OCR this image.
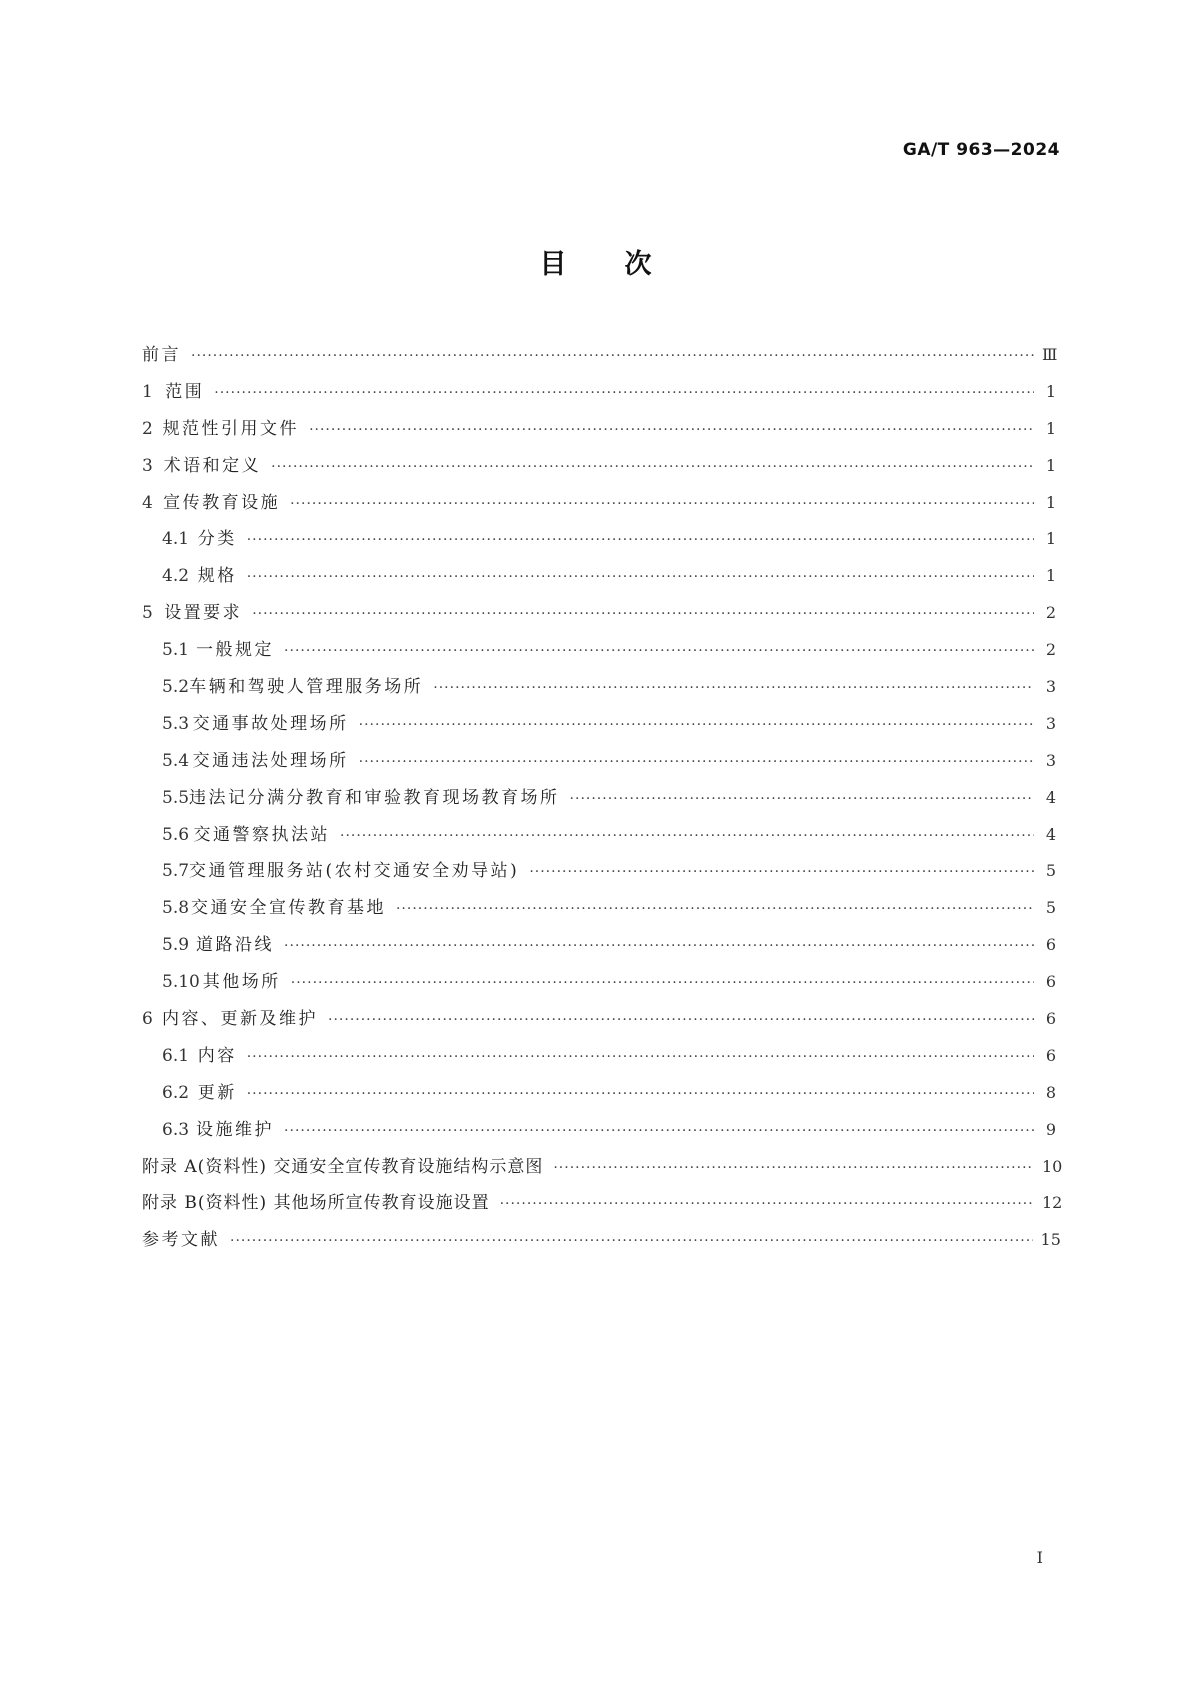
GA/T 963—2024
目次
前言 ·····	Ⅲ
1 范围 ·····	1
2 规范性引用文件 ·····	1
3 术语和定义 ·····	1
4 宣传教育设施 ·····	1
4.1 分类 ·····	1
4.2 规格 ·····	1
5 设置要求 ·····	2
5.1 一般规定 ·····	2
5.2 车辆和驾驶人管理服务场所 ·····	3
5.3 交通事故处理场所 ·····	3
5.4 交通违法处理场所 ·····	3
5.5 违法记分满分教育和审验教育现场教育场所 ·····	4
5.6 交通警察执法站 ·····	4
5.7 交通管理服务站(农村交通安全劝导站) ·····	5
5.8 交通安全宣传教育基地 ·····	5
5.9 道路沿线 ·····	6
5.10 其他场所 ·····	6
6 内容、更新及维护 ·····	6
6.1 内容 ·····	6
6.2 更新 ·····	8
6.3 设施维护 ·····	9
附录 A(资料性) 交通安全宣传教育设施结构示意图 ·····	10
附录 B(资料性) 其他场所宣传教育设施设置 ·····	12
参考文献 ·····	15
I
